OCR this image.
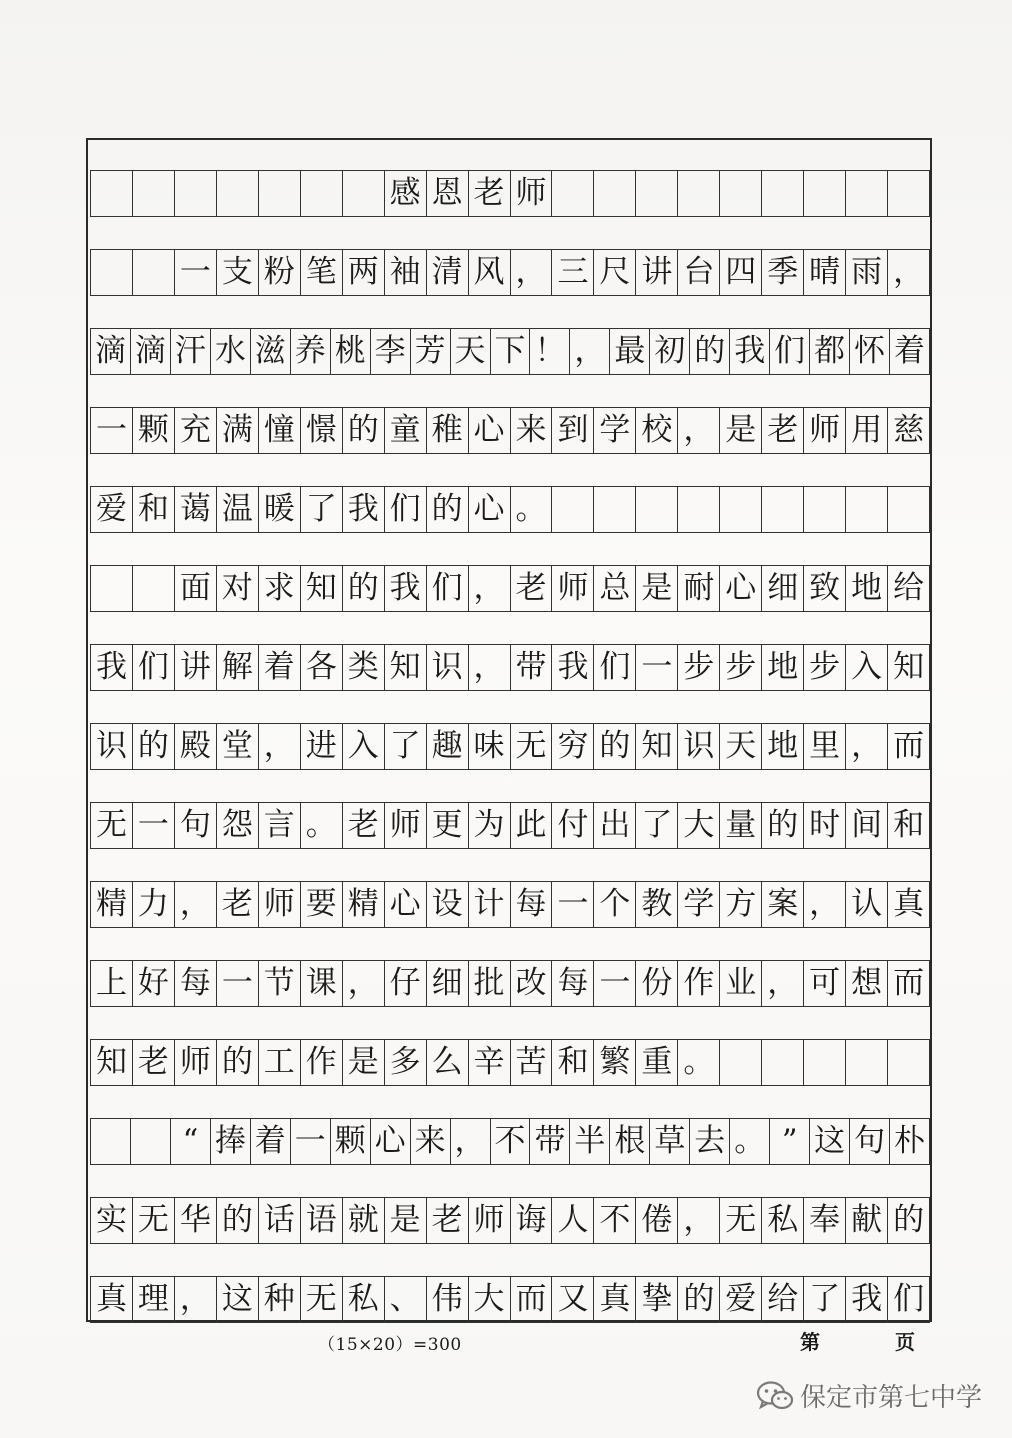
感 恩 老 师
一 支 粉 笔 两 袖 清 风 ， 三 尺 讲 台 四 季 晴 雨 ，
滴 滴 汗 水 滋 养 桃 李 芳 天 下 ！ ， 最 初 的 我 们 都 怀 着
一 颗 充 满 憧 憬 的 童 稚 心 来 到 学 校 ， 是 老 师 用 慈
爱 和 蔼 温 暖 了 我 们 的 心 。
面 对 求 知 的 我 们 ， 老 师 总 是 耐 心 细 致 地 给
我 们 讲 解 着 各 类 知 识 ， 带 我 们 一 步 步 地 步 入 知
识 的 殿 堂 ， 进 入 了 趣 味 无 穷 的 知 识 天 地 里 ， 而
无 一 句 怨 言 。 老 师 更 为 此 付 出 了 大 量 的 时 间 和
精 力 ， 老 师 要 精 心 设 计 每 一 个 教 学 方 案 ， 认 真
上 好 每 一 节 课 ， 仔 细 批 改 每 一 份 作 业 ， 可 想 而
知 老 师 的 工 作 是 多 么 辛 苦 和 繁 重 。
“ 捧 着 一 颗 心 来 ， 不 带 半 根 草 去 。 ” 这 句 朴
实 无 华 的 话 语 就 是 老 师 诲 人 不 倦 ， 无 私 奉 献 的
真 理 ， 这 种 无 私 、 伟 大 而 又 真 挚 的 爱 给 了 我 们
（15×20）=300	第	页
保定市第七中学
